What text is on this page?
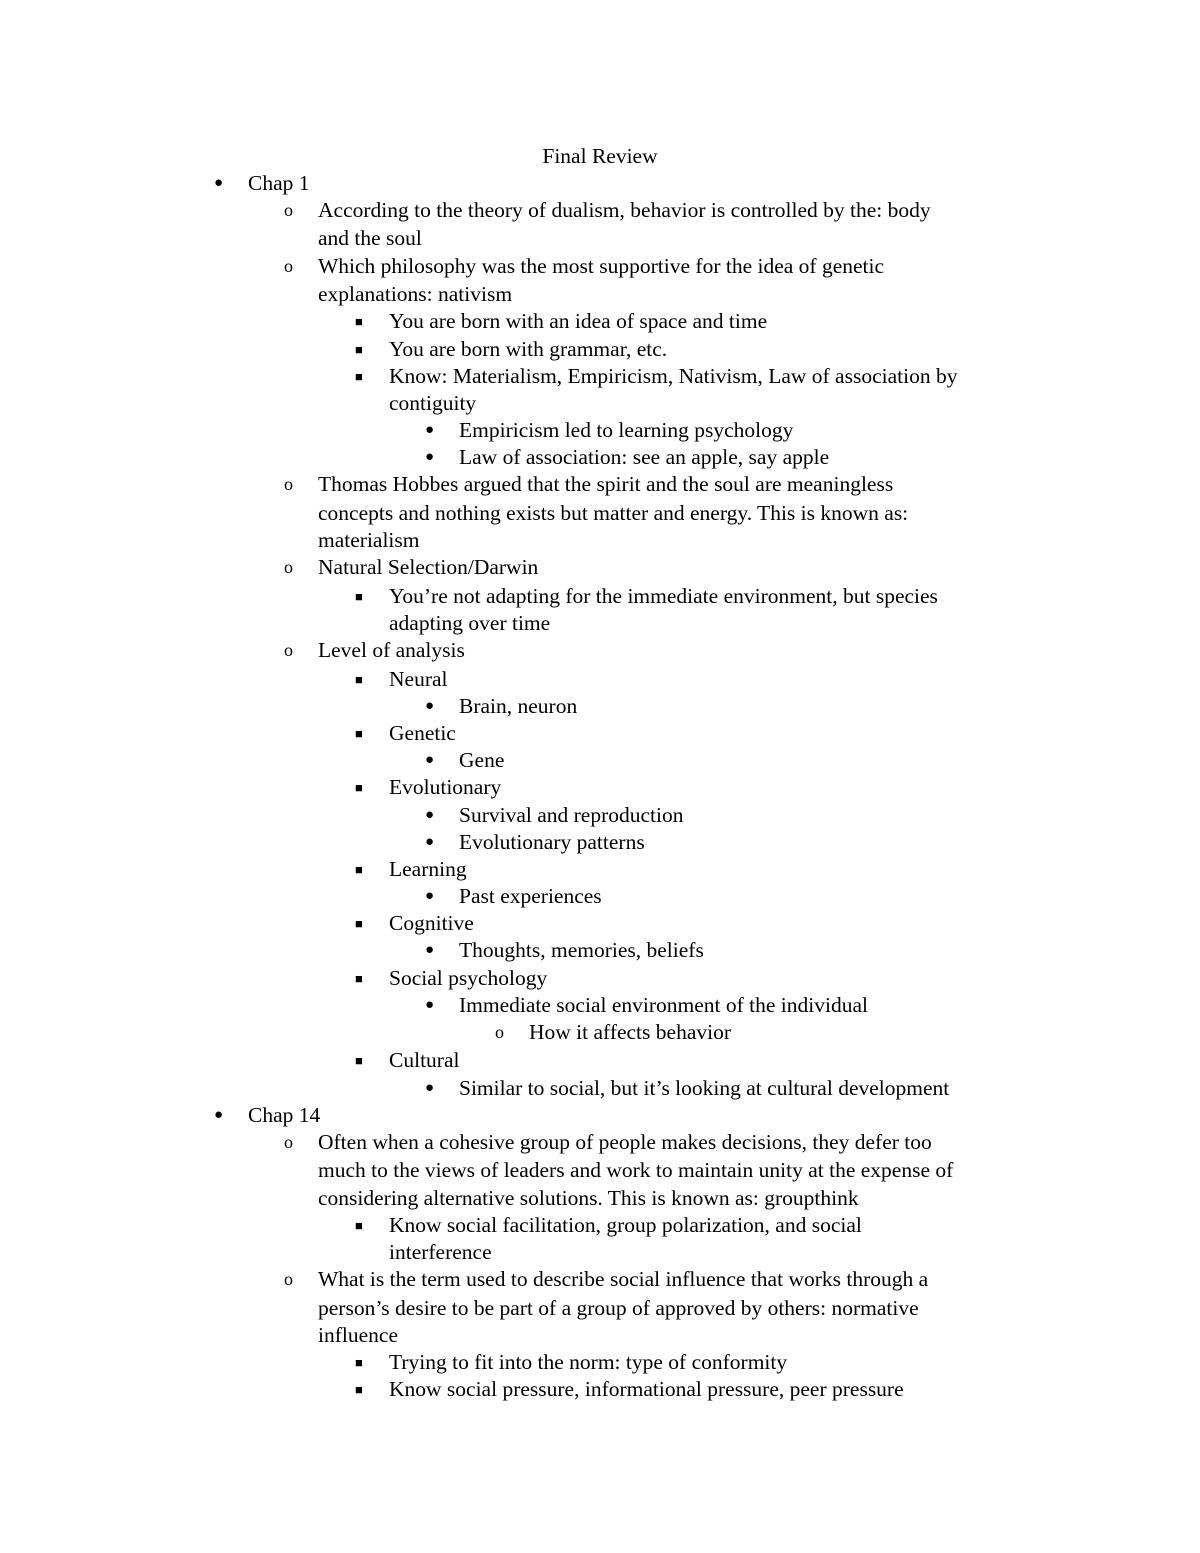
Final Review
● Chap 1
o According to the theory of dualism, behavior is controlled by the: body
and the soul
o Which philosophy was the most supportive for the idea of genetic
explanations: nativism
■ You are born with an idea of space and time
■ You are born with grammar, etc.
■ Know: Materialism, Empiricism, Nativism, Law of association by
contiguity
● Empiricism led to learning psychology
● Law of association: see an apple, say apple
o Thomas Hobbes argued that the spirit and the soul are meaningless
concepts and nothing exists but matter and energy. This is known as:
materialism
o Natural Selection/Darwin
■ You’re not adapting for the immediate environment, but species
adapting over time
o Level of analysis
■ Neural
● Brain, neuron
■ Genetic
● Gene
■ Evolutionary
● Survival and reproduction
● Evolutionary patterns
■ Learning
● Past experiences
■ Cognitive
● Thoughts, memories, beliefs
■ Social psychology
● Immediate social environment of the individual
o How it affects behavior
■ Cultural
● Similar to social, but it’s looking at cultural development
● Chap 14
o Often when a cohesive group of people makes decisions, they defer too
much to the views of leaders and work to maintain unity at the expense of
considering alternative solutions. This is known as: groupthink
■ Know social facilitation, group polarization, and social
interference
o What is the term used to describe social influence that works through a
person’s desire to be part of a group of approved by others: normative
influence
■ Trying to fit into the norm: type of conformity
■ Know social pressure, informational pressure, peer pressure
